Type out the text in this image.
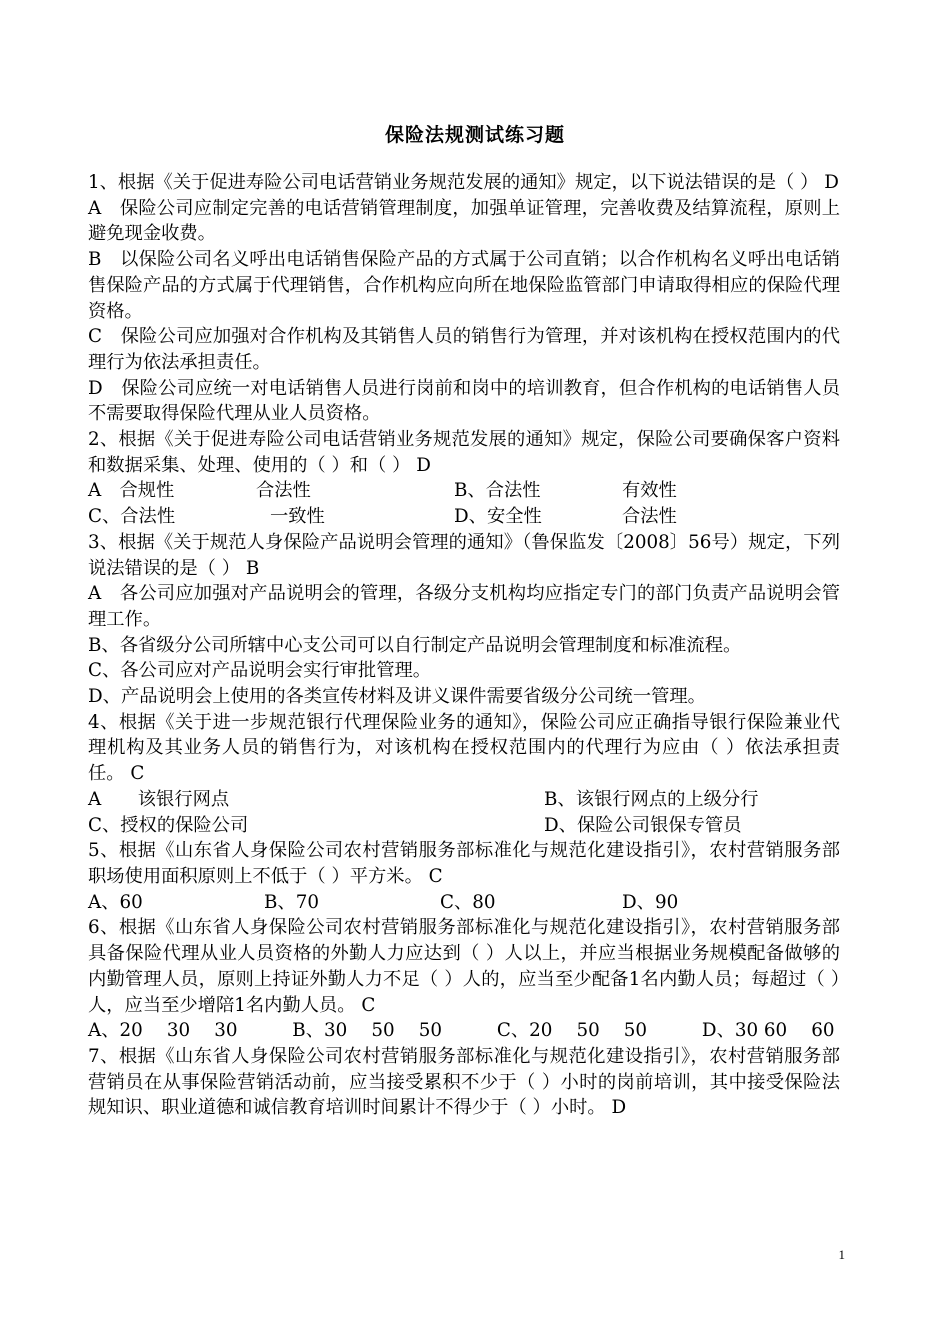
保险法规测试练习题

1、根据《关于促进寿险公司电话营销业务规范发展的通知》规定，以下说法错误的是（ ） D

A　保险公司应制定完善的电话营销管理制度，加强单证管理，完善收费及结算流程，原则上避免现金收费。

B　以保险公司名义呼出电话销售保险产品的方式属于公司直销；以合作机构名义呼出电话销售保险产品的方式属于代理销售，合作机构应向所在地保险监管部门申请取得相应的保险代理资格。

C　保险公司应加强对合作机构及其销售人员的销售行为管理，并对该机构在授权范围内的代理行为依法承担责任。

D　保险公司应统一对电话销售人员进行岗前和岗中的培训教育，但合作机构的电话销售人员不需要取得保险代理从业人员资格。

2、根据《关于促进寿险公司电话营销业务规范发展的通知》规定，保险公司要确保客户资料和数据采集、处理、使用的（ ）和（ ） D

A　合规性	合法性	B、合法性	有效性
C、合法性	一致性	D、安全性	合法性

3、根据《关于规范人身保险产品说明会管理的通知》（鲁保监发〔2008〕56号）规定，下列说法错误的是（ ） B

A　各公司应加强对产品说明会的管理，各级分支机构均应指定专门的部门负责产品说明会管理工作。

B、各省级分公司所辖中心支公司可以自行制定产品说明会管理制度和标准流程。

C、各公司应对产品说明会实行审批管理。

D、产品说明会上使用的各类宣传材料及讲义课件需要省级分公司统一管理。

4、根据《关于进一步规范银行代理保险业务的通知》，保险公司应正确指导银行保险兼业代理机构及其业务人员的销售行为，对该机构在授权范围内的代理行为应由（ ）依法承担责任。 C

A　　该银行网点	B、该银行网点的上级分行
C、授权的保险公司	D、保险公司银保专管员

5、根据《山东省人身保险公司农村营销服务部标准化与规范化建设指引》，农村营销服务部职场使用面积原则上不低于（ ）平方米。 C

A、60	B、70	C、80	D、90

6、根据《山东省人身保险公司农村营销服务部标准化与规范化建设指引》，农村营销服务部具备保险代理从业人员资格的外勤人力应达到（ ）人以上，并应当根据业务规模配备做够的内勤管理人员，原则上持证外勤人力不足（ ）人的，应当至少配备1名内勤人员；每超过（ ）人，应当至少增陪1名内勤人员。 C

A、20　 30　 30　　　B、30　 50　 50　　　C、20　 50　 50　　　D、30 60　 60

7、根据《山东省人身保险公司农村营销服务部标准化与规范化建设指引》，农村营销服务部营销员在从事保险营销活动前，应当接受累积不少于（ ）小时的岗前培训，其中接受保险法规知识、职业道德和诚信教育培训时间累计不得少于（ ）小时。 D

1
